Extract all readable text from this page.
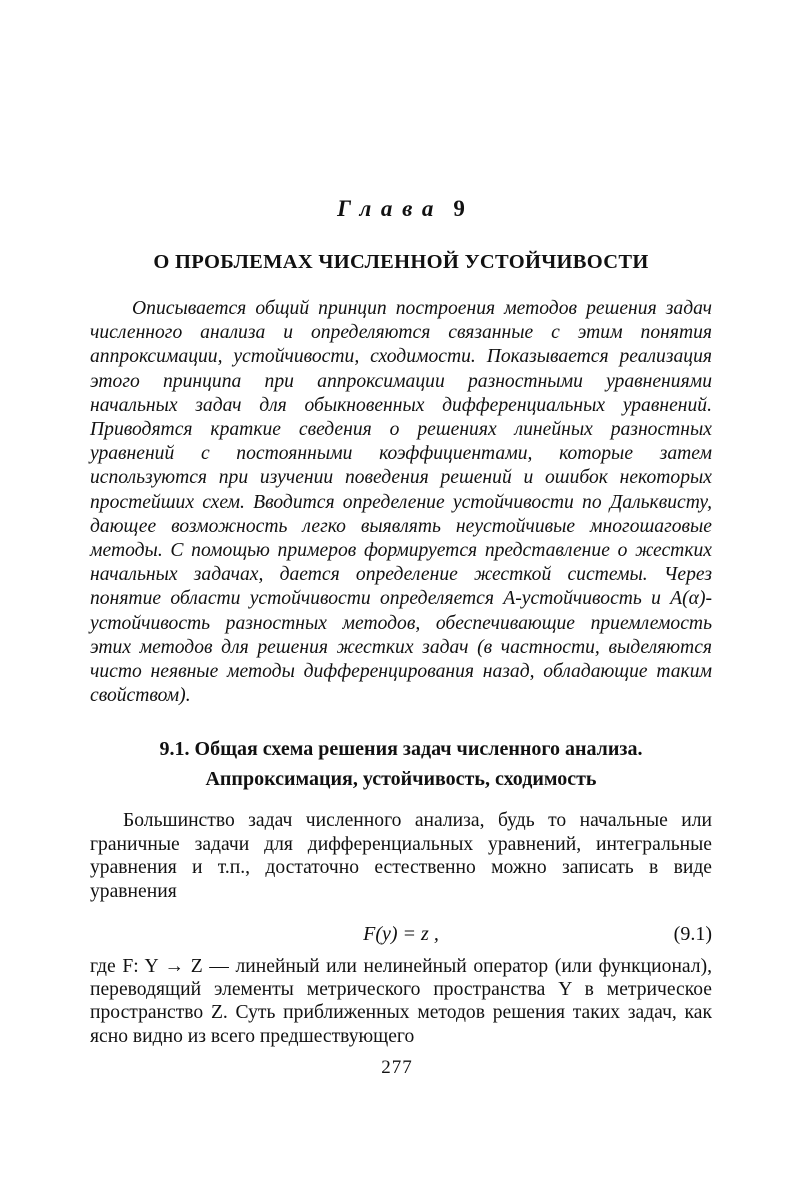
Глава 9
О ПРОБЛЕМАХ ЧИСЛЕННОЙ УСТОЙЧИВОСТИ

Описывается общий принцип построения методов решения задач численного анализа и определяются связанные с этим понятия аппроксимации, устойчивости, сходимости. Показывается реализация этого принципа при аппроксимации разностными уравнениями начальных задач для обыкновенных дифференциальных уравнений. Приводятся краткие сведения о решениях линейных разностных уравнений с постоянными коэффициентами, которые затем используются при изучении поведения решений и ошибок некоторых простейших схем. Вводится определение устойчивости по Дальквисту, дающее возможность легко выявлять неустойчивые многошаговые методы. С помощью примеров формируется представление о жестких начальных задачах, дается определение жесткой системы. Через понятие области устойчивости определяется A-устойчивость и A(α)-устойчивость разностных методов, обеспечивающие приемлемость этих методов для решения жестких задач (в частности, выделяются чисто неявные методы дифференцирования назад, обладающие таким свойством).

9.1. Общая схема решения задач численного анализа.
Аппроксимация, устойчивость, сходимость

Большинство задач численного анализа, будь то начальные или граничные задачи для дифференциальных уравнений, интегральные уравнения и т.п., достаточно естественно можно записать в виде уравнения

F(y) = z ,	(9.1)

где F: Y → Z — линейный или нелинейный оператор (или функционал), переводящий элементы метрического пространства Y в метрическое пространство Z. Суть приближенных методов решения таких задач, как ясно видно из всего предшествующего

277
